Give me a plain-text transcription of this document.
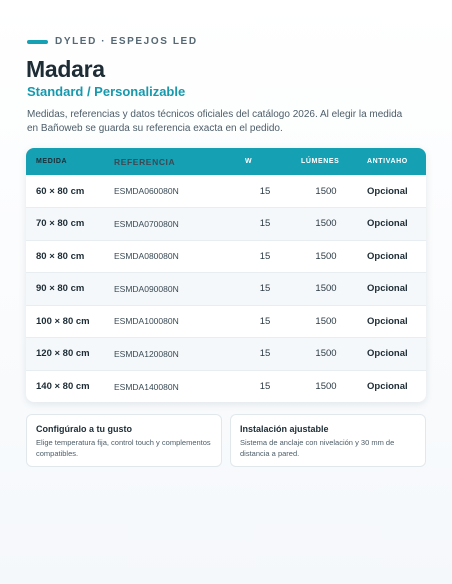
DYLED · ESPEJOS LED
Madara
Standard / Personalizable

Medidas, referencias y datos técnicos oficiales del catálogo 2026. Al elegir la medida en Bañoweb se guarda su referencia exacta en el pedido.

MEDIDA	REFERENCIA	W	LÚMENES	ANTIVAHO
60 × 80 cm	ESMDA060080N	15	1500	Opcional
70 × 80 cm	ESMDA070080N	15	1500	Opcional
80 × 80 cm	ESMDA080080N	15	1500	Opcional
90 × 80 cm	ESMDA090080N	15	1500	Opcional
100 × 80 cm	ESMDA100080N	15	1500	Opcional
120 × 80 cm	ESMDA120080N	15	1500	Opcional
140 × 80 cm	ESMDA140080N	15	1500	Opcional
Configúralo a tu gusto
Elige temperatura fija, control touch y complementos compatibles.
Instalación ajustable
Sistema de anclaje con nivelación y 30 mm de distancia a pared.
